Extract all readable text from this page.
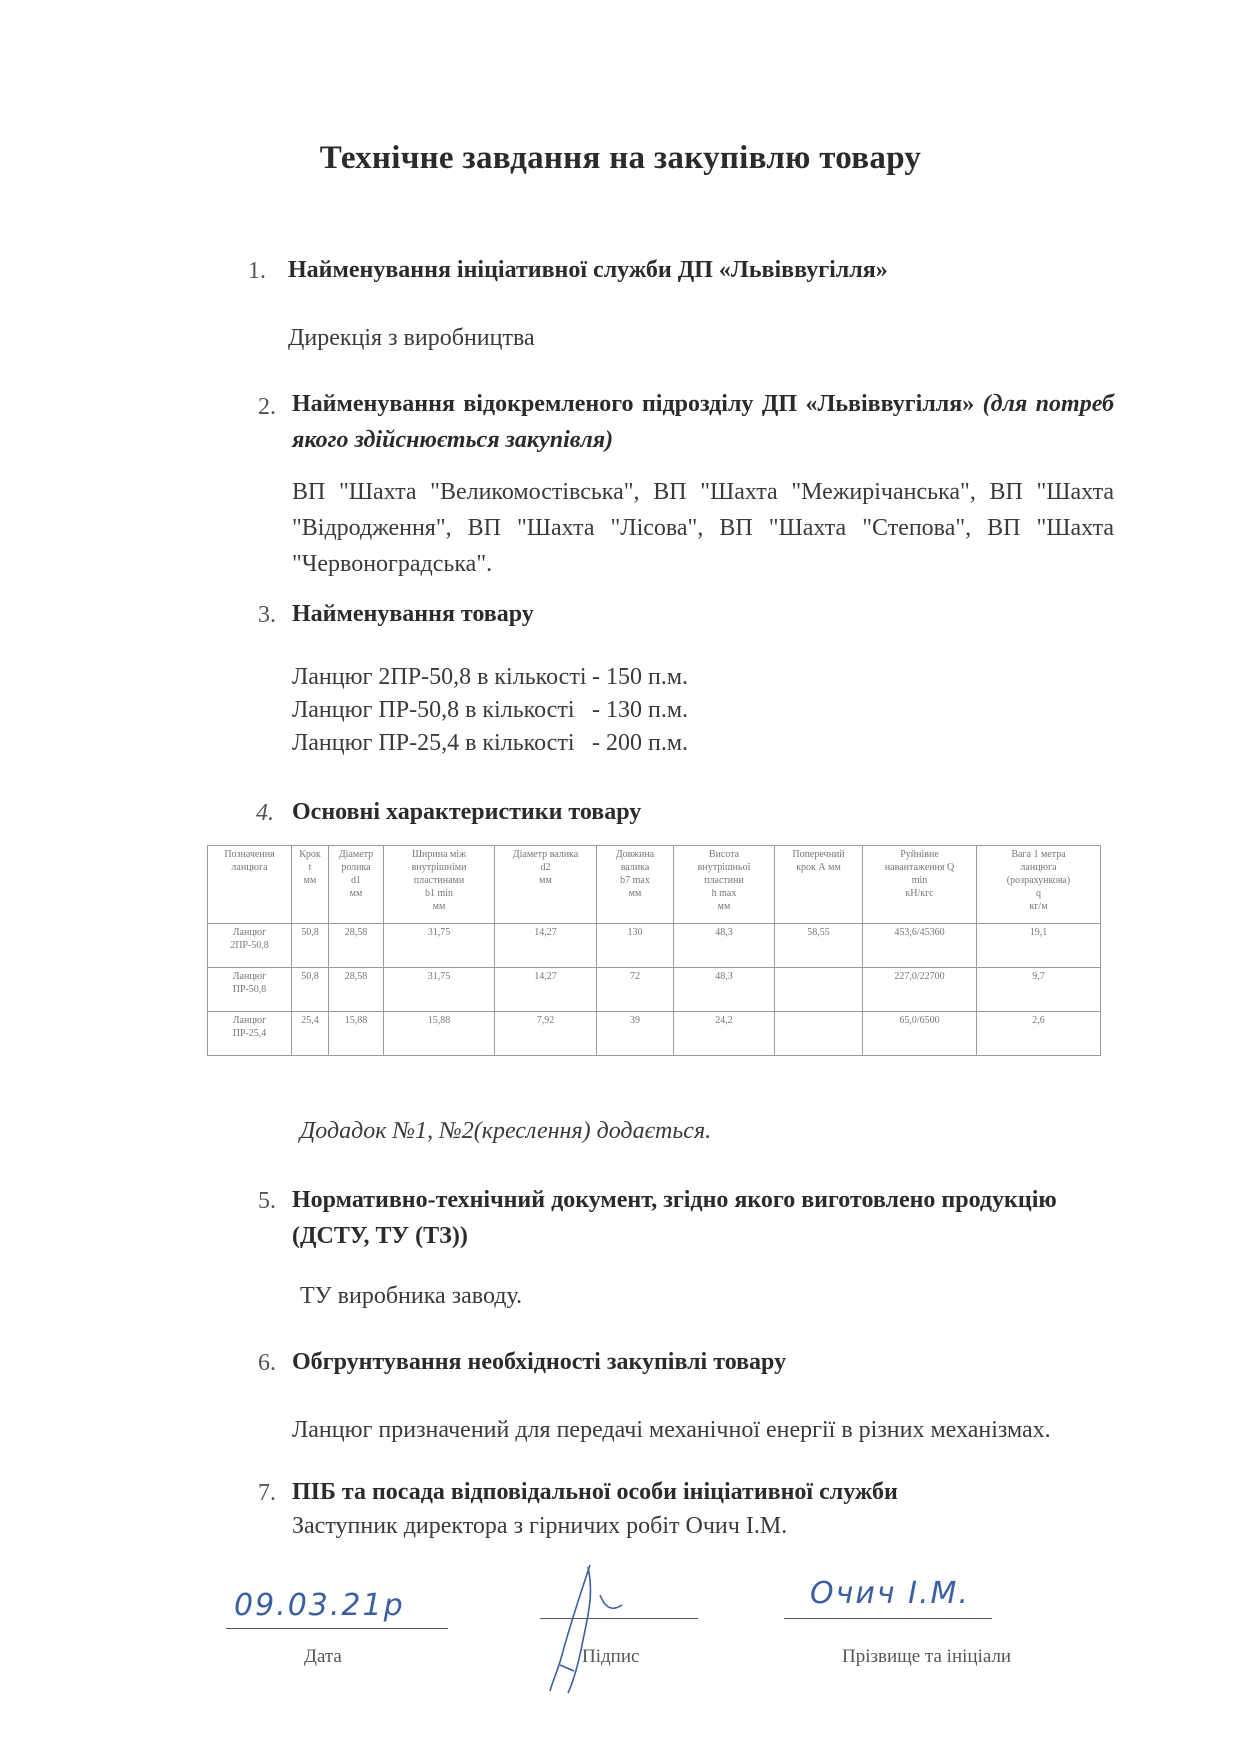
Технічне завдання на закупівлю товару
1. Найменування ініціативної служби ДП «Львіввугілля»
Дирекція з виробництва
2. Найменування відокремленого підрозділу ДП «Львіввугілля» (для потреб якого здійснюється закупівля)
ВП "Шахта "Великомостівська", ВП "Шахта "Межирічанська", ВП "Шахта "Відродження", ВП "Шахта "Лісова", ВП "Шахта "Степова", ВП "Шахта "Червоноградська".
3. Найменування товару
Ланцюг 2ПР-50,8 в кількості - 150 п.м.
Ланцюг ПР-50,8 в кількості - 130 п.м.
Ланцюг ПР-25,4 в кількості - 200 п.м.
4. Основні характеристики товару
Позначення
ланцюга	Крок
t
мм	Діаметр
ролика
d1
мм	Ширина між
внутрішніми
пластинами
b1 min
мм	Діаметр валика
d2
мм	Довжина
валика
b7 max
мм	Висота
внутрішньої
пластини
h max
мм	Поперечний
крок А мм	Руйнівне
навантаження Q
min
кН/кгс	Вага 1 метра
ланцюга
(розрахункова)
q
кг/м

Ланцюг
2ПР-50,8	50,8	28,58	31,75	14,27	130	48,3	58,55	453,6/45360	19,1

Ланцюг
ПР-50,8	50,8	28,58	31,75	14,27	72	48,3		227,0/22700	9,7

Ланцюг
ПР-25,4	25,4	15,88	15,88	7,92	39	24,2		65,0/6500	2,6
Додадок №1, №2(креслення) додається.
5. Нормативно-технічний документ, згідно якого виготовлено продукцію (ДСТУ, ТУ (ТЗ))
ТУ виробника заводу.
6. Обгрунтування необхідності закупівлі товару
Ланцюг призначений для передачі механічної енергії в різних механізмах.
7. ПІБ та посада відповідальної особи ініціативної служби
Заступник директора з гірничих робіт Очич І.М.
09.03.21р
Дата	Підпис
Очич І.М.
Прізвище та ініціали
